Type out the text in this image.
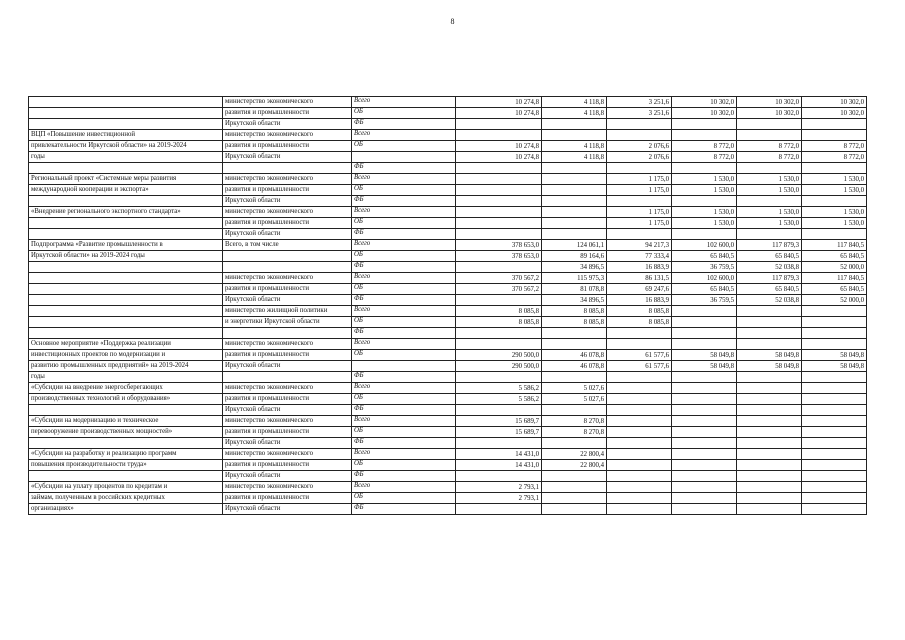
8
	министерство экономического	Всего	10 274,8	4 118,8	3 251,6	10 302,0	10 302,0	10 302,0
	развития и промышленности	ОБ	10 274,8	4 118,8	3 251,6	10 302,0	10 302,0	10 302,0
	Иркутской области	ФБ						
ВЦП «Повышение инвестиционной	министерство экономического	Всего						
привлекательности Иркутской области» на 2019-2024	развития и промышленности	ОБ	10 274,8	4 118,8	2 076,6	8 772,0	8 772,0	8 772,0
годы	Иркутской области		10 274,8	4 118,8	2 076,6	8 772,0	8 772,0	8 772,0
		ФБ						
Региональный проект «Системные меры развития	министерство экономического	Всего			1 175,0	1 530,0	1 530,0	1 530,0
международной кооперации и экспорта»	развития и промышленности	ОБ			1 175,0	1 530,0	1 530,0	1 530,0
	Иркутской области	ФБ						
«Внедрение регионального экспортного стандарта»	министерство экономического	Всего			1 175,0	1 530,0	1 530,0	1 530,0
	развития и промышленности	ОБ			1 175,0	1 530,0	1 530,0	1 530,0
	Иркутской области	ФБ						
Подпрограмма «Развитие промышленности в	Всего, в том числе	Всего	378 653,0	124 061,1	94 217,3	102 600,0	117 879,3	117 840,5
Иркутской области» на 2019-2024 годы		ОБ	378 653,0	89 164,6	77 333,4	65 840,5	65 840,5	65 840,5
		ФБ		34 896,5	16 883,9	36 759,5	52 038,8	52 000,0
	министерство экономического	Всего	370 567,2	115 975,3	86 131,5	102 600,0	117 879,3	117 840,5
	развития и промышленности	ОБ	370 567,2	81 078,8	69 247,6	65 840,5	65 840,5	65 840,5
	Иркутской области	ФБ		34 896,5	16 883,9	36 759,5	52 038,8	52 000,0
	министерство жилищной политики	Всего	8 085,8	8 085,8	8 085,8			
	и энергетики Иркутской области	ОБ	8 085,8	8 085,8	8 085,8			
		ФБ						
Основное мероприятие «Поддержка реализации	министерство экономического	Всего						
инвестиционных проектов по модернизации и	развития и промышленности	ОБ	290 500,0	46 078,8	61 577,6	58 049,8	58 049,8	58 049,8
развитию промышленных предприятий» на 2019-2024	Иркутской области		290 500,0	46 078,8	61 577,6	58 049,8	58 049,8	58 049,8
годы		ФБ						
«Субсидии на внедрение энергосберегающих	министерство экономического	Всего	5 586,2	5 027,6				
производственных технологий и оборудования»	развития и промышленности	ОБ	5 586,2	5 027,6				
	Иркутской области	ФБ						
«Субсидии на модернизацию и техническое	министерство экономического	Всего	15 689,7	8 270,8				
перевооружение производственных мощностей»	развития и промышленности	ОБ	15 689,7	8 270,8				
	Иркутской области	ФБ						
«Субсидии на разработку и реализацию программ	министерство экономического	Всего	14 431,0	22 800,4				
повышения производительности труда»	развития и промышленности	ОБ	14 431,0	22 800,4				
	Иркутской области	ФБ						
«Субсидии на уплату процентов по кредитам и	министерство экономического	Всего	2 793,1					
займам, полученным в российских кредитных	развития и промышленности	ОБ	2 793,1					
организациях»	Иркутской области	ФБ						
